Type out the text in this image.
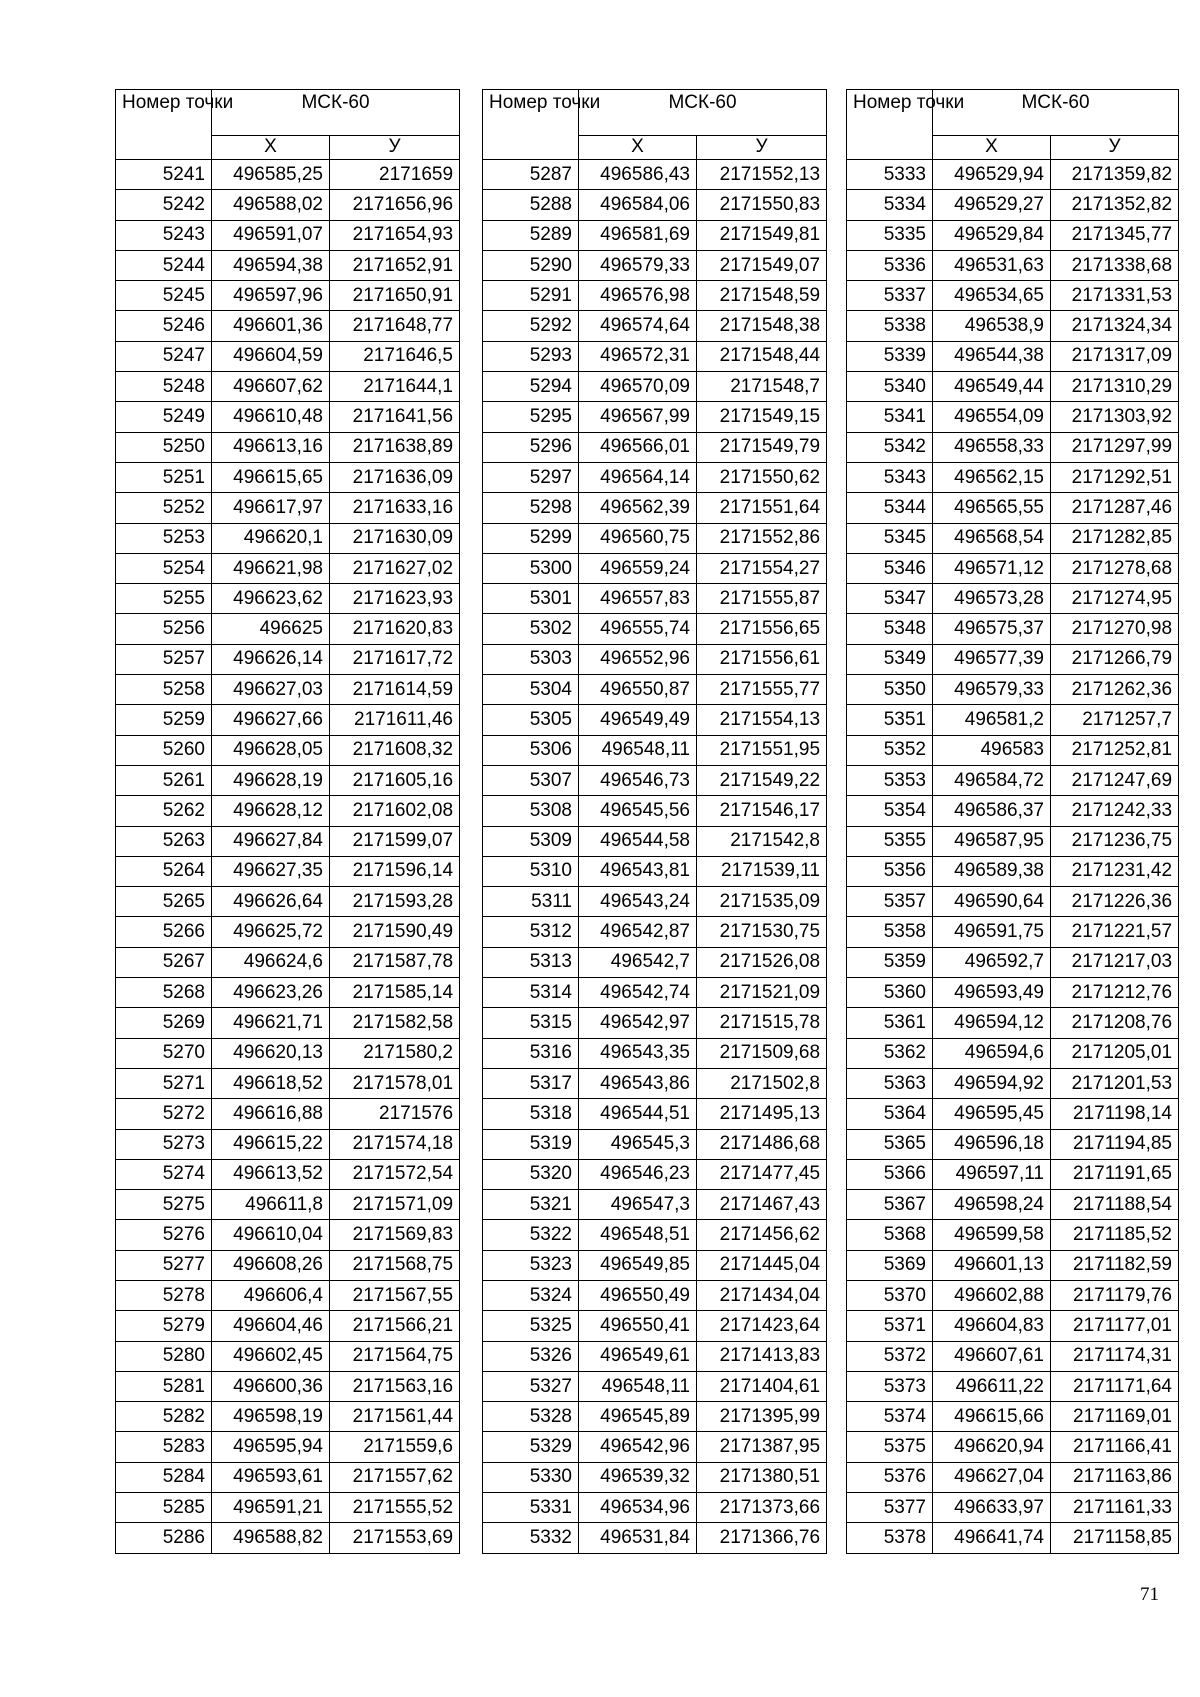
Номер точки	МСК-60	
	X	У
5241	496585,25	2171659
5242	496588,02	2171656,96
5243	496591,07	2171654,93
5244	496594,38	2171652,91
5245	496597,96	2171650,91
5246	496601,36	2171648,77
5247	496604,59	2171646,5
5248	496607,62	2171644,1
5249	496610,48	2171641,56
5250	496613,16	2171638,89
5251	496615,65	2171636,09
5252	496617,97	2171633,16
5253	496620,1	2171630,09
5254	496621,98	2171627,02
5255	496623,62	2171623,93
5256	496625	2171620,83
5257	496626,14	2171617,72
5258	496627,03	2171614,59
5259	496627,66	2171611,46
5260	496628,05	2171608,32
5261	496628,19	2171605,16
5262	496628,12	2171602,08
5263	496627,84	2171599,07
5264	496627,35	2171596,14
5265	496626,64	2171593,28
5266	496625,72	2171590,49
5267	496624,6	2171587,78
5268	496623,26	2171585,14
5269	496621,71	2171582,58
5270	496620,13	2171580,2
5271	496618,52	2171578,01
5272	496616,88	2171576
5273	496615,22	2171574,18
5274	496613,52	2171572,54
5275	496611,8	2171571,09
5276	496610,04	2171569,83
5277	496608,26	2171568,75
5278	496606,4	2171567,55
5279	496604,46	2171566,21
5280	496602,45	2171564,75
5281	496600,36	2171563,16
5282	496598,19	2171561,44
5283	496595,94	2171559,6
5284	496593,61	2171557,62
5285	496591,21	2171555,52
5286	496588,82	2171553,69
Номер точки	МСК-60	
	X	У
5287	496586,43	2171552,13
5288	496584,06	2171550,83
5289	496581,69	2171549,81
5290	496579,33	2171549,07
5291	496576,98	2171548,59
5292	496574,64	2171548,38
5293	496572,31	2171548,44
5294	496570,09	2171548,7
5295	496567,99	2171549,15
5296	496566,01	2171549,79
5297	496564,14	2171550,62
5298	496562,39	2171551,64
5299	496560,75	2171552,86
5300	496559,24	2171554,27
5301	496557,83	2171555,87
5302	496555,74	2171556,65
5303	496552,96	2171556,61
5304	496550,87	2171555,77
5305	496549,49	2171554,13
5306	496548,11	2171551,95
5307	496546,73	2171549,22
5308	496545,56	2171546,17
5309	496544,58	2171542,8
5310	496543,81	2171539,11
5311	496543,24	2171535,09
5312	496542,87	2171530,75
5313	496542,7	2171526,08
5314	496542,74	2171521,09
5315	496542,97	2171515,78
5316	496543,35	2171509,68
5317	496543,86	2171502,8
5318	496544,51	2171495,13
5319	496545,3	2171486,68
5320	496546,23	2171477,45
5321	496547,3	2171467,43
5322	496548,51	2171456,62
5323	496549,85	2171445,04
5324	496550,49	2171434,04
5325	496550,41	2171423,64
5326	496549,61	2171413,83
5327	496548,11	2171404,61
5328	496545,89	2171395,99
5329	496542,96	2171387,95
5330	496539,32	2171380,51
5331	496534,96	2171373,66
5332	496531,84	2171366,76
Номер точки	МСК-60	
	X	У
5333	496529,94	2171359,82
5334	496529,27	2171352,82
5335	496529,84	2171345,77
5336	496531,63	2171338,68
5337	496534,65	2171331,53
5338	496538,9	2171324,34
5339	496544,38	2171317,09
5340	496549,44	2171310,29
5341	496554,09	2171303,92
5342	496558,33	2171297,99
5343	496562,15	2171292,51
5344	496565,55	2171287,46
5345	496568,54	2171282,85
5346	496571,12	2171278,68
5347	496573,28	2171274,95
5348	496575,37	2171270,98
5349	496577,39	2171266,79
5350	496579,33	2171262,36
5351	496581,2	2171257,7
5352	496583	2171252,81
5353	496584,72	2171247,69
5354	496586,37	2171242,33
5355	496587,95	2171236,75
5356	496589,38	2171231,42
5357	496590,64	2171226,36
5358	496591,75	2171221,57
5359	496592,7	2171217,03
5360	496593,49	2171212,76
5361	496594,12	2171208,76
5362	496594,6	2171205,01
5363	496594,92	2171201,53
5364	496595,45	2171198,14
5365	496596,18	2171194,85
5366	496597,11	2171191,65
5367	496598,24	2171188,54
5368	496599,58	2171185,52
5369	496601,13	2171182,59
5370	496602,88	2171179,76
5371	496604,83	2171177,01
5372	496607,61	2171174,31
5373	496611,22	2171171,64
5374	496615,66	2171169,01
5375	496620,94	2171166,41
5376	496627,04	2171163,86
5377	496633,97	2171161,33
5378	496641,74	2171158,85
71
